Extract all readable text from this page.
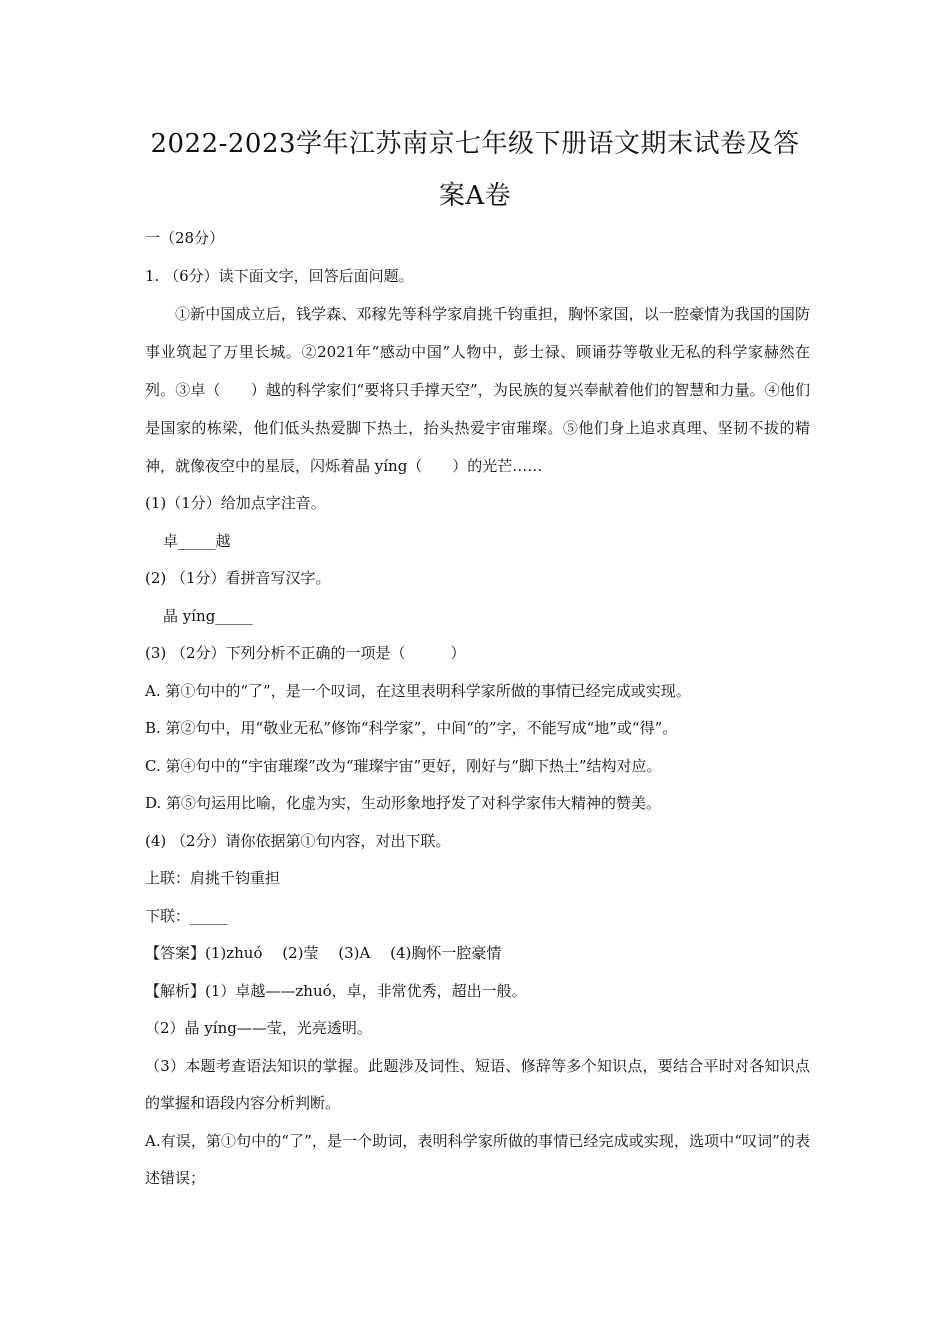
2022-2023学年江苏南京七年级下册语文期末试卷及答案A卷
一（28分）
1. （6分）读下面文字，回答后面问题。
①新中国成立后，钱学森、邓稼先等科学家肩挑千钧重担，胸怀家国，以一腔豪情为我国的国防事业筑起了万里长城。②2021年“感动中国”人物中，彭士禄、顾诵芬等敬业无私的科学家赫然在列。③卓（　　）越的科学家们“要将只手撑天空”，为民族的复兴奉献着他们的智慧和力量。④他们是国家的栋梁，他们低头热爱脚下热土，抬头热爱宇宙璀璨。⑤他们身上追求真理、坚韧不拔的精神，就像夜空中的星辰，闪烁着晶 yíng（　　）的光芒……
(1)（1分）给加点字注音。
卓_____越
(2) （1分）看拼音写汉字。
晶 yíng_____
(3) （2分）下列分析不正确的一项是（　　　）
A. 第①句中的“了”，是一个叹词，在这里表明科学家所做的事情已经完成或实现。
B. 第②句中，用“敬业无私”修饰“科学家”，中间“的”字，不能写成“地”或“得”。
C. 第④句中的“宇宙璀璨”改为“璀璨宇宙”更好，刚好与“脚下热土”结构对应。
D. 第⑤句运用比喻，化虚为实，生动形象地抒发了对科学家伟大精神的赞美。
(4) （2分）请你依据第①句内容，对出下联。
上联：肩挑千钧重担
下联：_____
【答案】(1)zhuó　 (2)莹　 (3)A　 (4)胸怀一腔豪情
【解析】(1）卓越——zhuó，卓，非常优秀，超出一般。
（2）晶 yíng——莹，光亮透明。
（3）本题考查语法知识的掌握。此题涉及词性、短语、修辞等多个知识点，要结合平时对各知识点的掌握和语段内容分析判断。
A.有误，第①句中的“了”，是一个助词，表明科学家所做的事情已经完成或实现，选项中“叹词”的表述错误；
